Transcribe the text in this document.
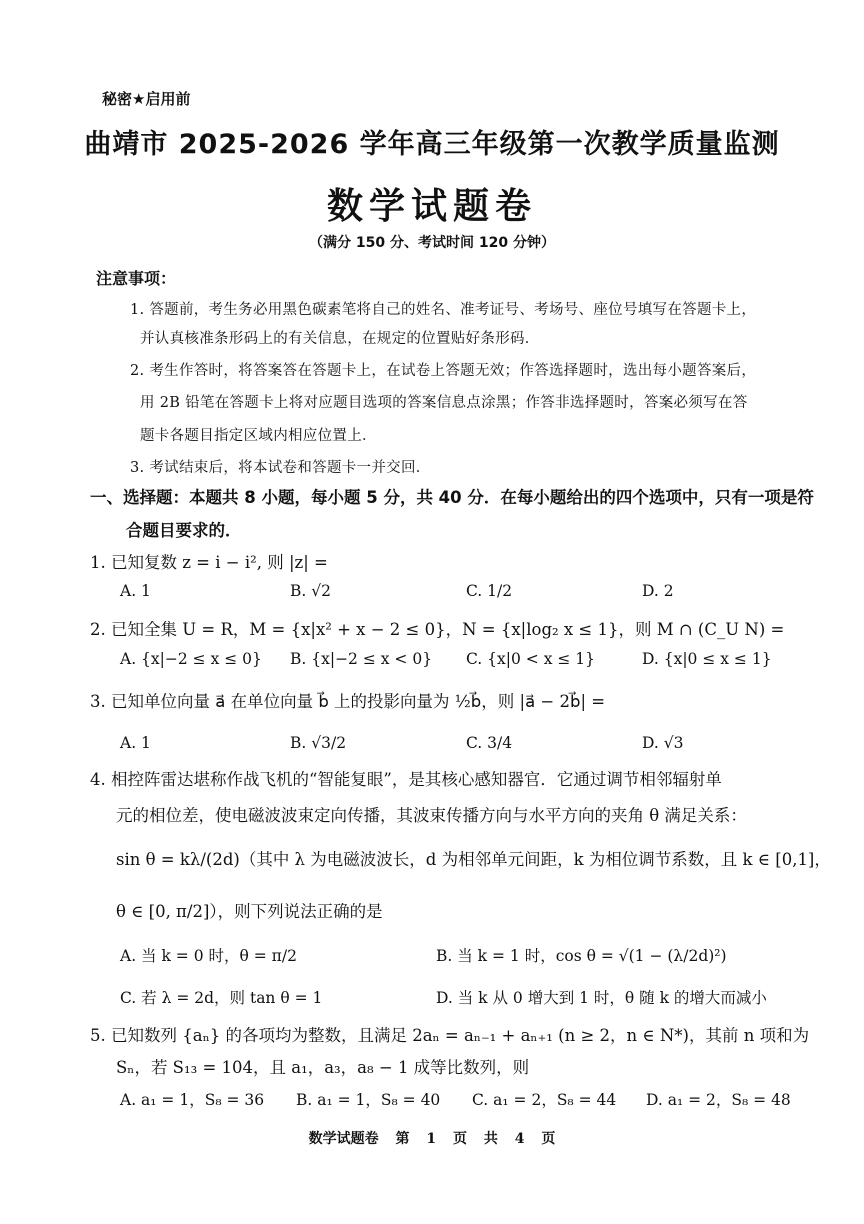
秘密★启用前
曲靖市 2025-2026 学年高三年级第一次教学质量监测
数学试题卷
（满分 150 分、考试时间 120 分钟）
注意事项：
1. 答题前，考生务必用黑色碳素笔将自己的姓名、准考证号、考场号、座位号填写在答题卡上，
并认真核准条形码上的有关信息，在规定的位置贴好条形码．
2. 考生作答时，将答案答在答题卡上，在试卷上答题无效；作答选择题时，选出每小题答案后，
用 2B 铅笔在答题卡上将对应题目选项的答案信息点涂黑；作答非选择题时，答案必须写在答
题卡各题目指定区域内相应位置上．
3. 考试结束后，将本试卷和答题卡一并交回．
一、选择题：本题共 8 小题，每小题 5 分，共 40 分．在每小题给出的四个选项中，只有一项是符
合题目要求的．
1. 已知复数 z = i − i², 则 |z| =
A. 1	B. √2	C. 1/2	D. 2
2. 已知全集 U = R，M = {x|x² + x − 2 ≤ 0}，N = {x|log₂ x ≤ 1}，则 M ∩ (C_U N) =
A. {x|−2 ≤ x ≤ 0} B. {x|−2 ≤ x < 0} C. {x|0 < x ≤ 1}	D. {x|0 ≤ x ≤ 1}
3. 已知单位向量 a⃗ 在单位向量 b⃗ 上的投影向量为 ½b⃗，则 |a⃗ − 2b⃗| =
A. 1	B. √3/2	C. 3/4	D. √3
4. 相控阵雷达堪称作战飞机的“智能复眼”，是其核心感知器官．它通过调节相邻辐射单
元的相位差，使电磁波波束定向传播，其波束传播方向与水平方向的夹角 θ 满足关系：
sin θ = kλ/(2d)（其中 λ 为电磁波波长，d 为相邻单元间距，k 为相位调节系数，且 k ∈ [0,1]，
θ ∈ [0, π/2]），则下列说法正确的是
A. 当 k = 0 时，θ = π/2	B. 当 k = 1 时，cos θ = √(1 − (λ/2d)²)
C. 若 λ = 2d，则 tan θ = 1	D. 当 k 从 0 增大到 1 时，θ 随 k 的增大而减小
5. 已知数列 {aₙ} 的各项均为整数，且满足 2aₙ = aₙ₋₁ + aₙ₊₁ (n ≥ 2，n ∈ N*)，其前 n 项和为
Sₙ，若 S₁₃ = 104，且 a₁，a₃，a₈ − 1 成等比数列，则
A. a₁ = 1，S₈ = 36 B. a₁ = 1，S₈ = 40 C. a₁ = 2，S₈ = 44 D. a₁ = 2，S₈ = 48
数学试题卷 第 1 页 共 4 页
